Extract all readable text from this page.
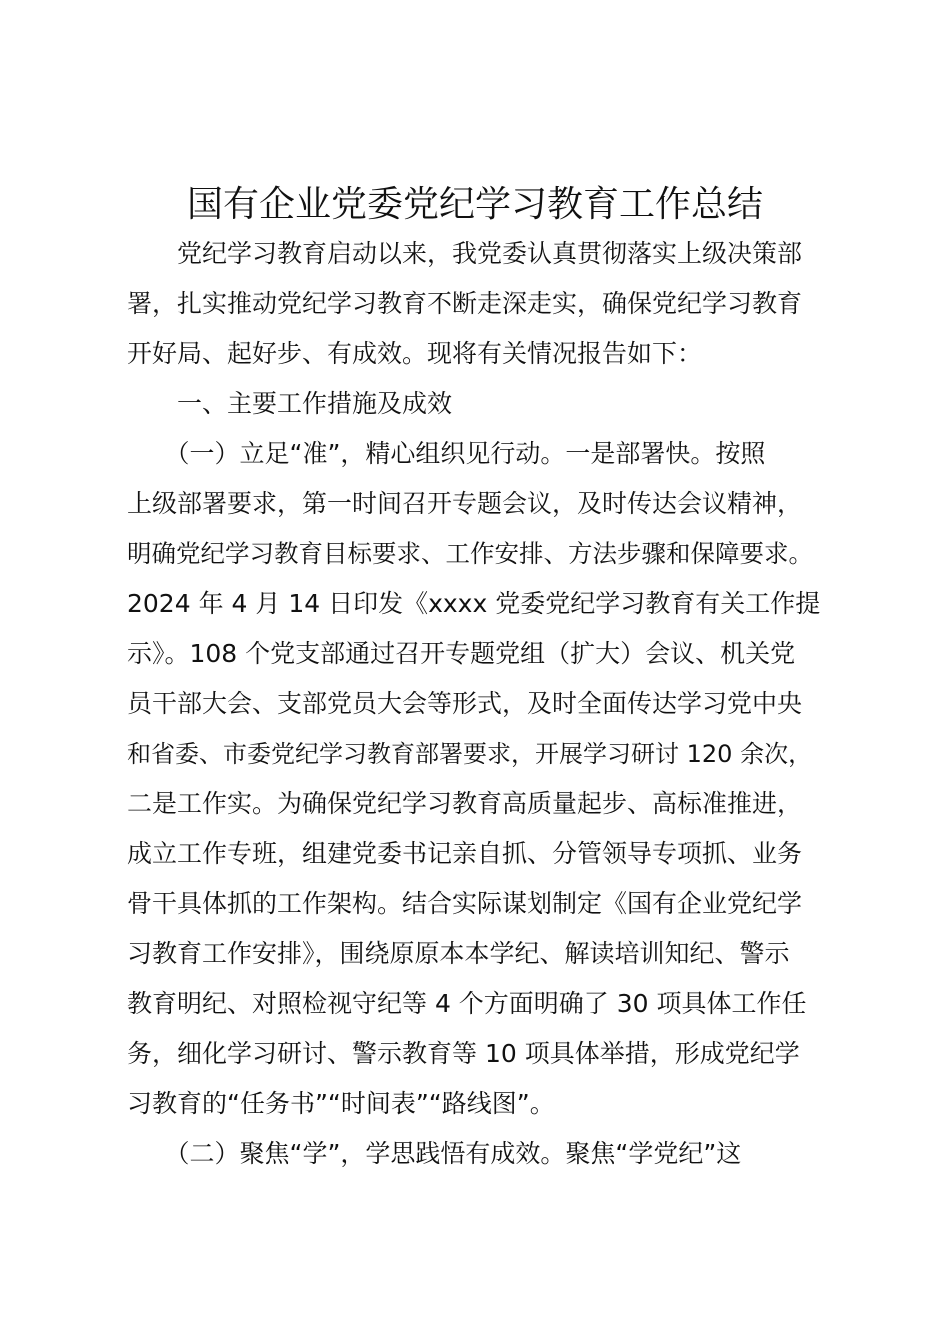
国有企业党委党纪学习教育工作总结
　　党纪学习教育启动以来，我党委认真贯彻落实上级决策部
署，扎实推动党纪学习教育不断走深走实，确保党纪学习教育
开好局、起好步、有成效。现将有关情况报告如下：
　　一、主要工作措施及成效
　　（一）立足“准”，精心组织见行动。一是部署快。按照
上级部署要求，第一时间召开专题会议，及时传达会议精神，
明确党纪学习教育目标要求、工作安排、方法步骤和保障要求。
2024 年 4 月 14 日印发《xxxx 党委党纪学习教育有关工作提
示》。108 个党支部通过召开专题党组（扩大）会议、机关党
员干部大会、支部党员大会等形式，及时全面传达学习党中央
和省委、市委党纪学习教育部署要求，开展学习研讨 120 余次，
二是工作实。为确保党纪学习教育高质量起步、高标准推进，
成立工作专班，组建党委书记亲自抓、分管领导专项抓、业务
骨干具体抓的工作架构。结合实际谋划制定《国有企业党纪学
习教育工作安排》，围绕原原本本学纪、解读培训知纪、警示
教育明纪、对照检视守纪等 4 个方面明确了 30 项具体工作任
务，细化学习研讨、警示教育等 10 项具体举措，形成党纪学
习教育的“任务书”“时间表”“路线图”。
　　（二）聚焦“学”，学思践悟有成效。聚焦“学党纪”这
